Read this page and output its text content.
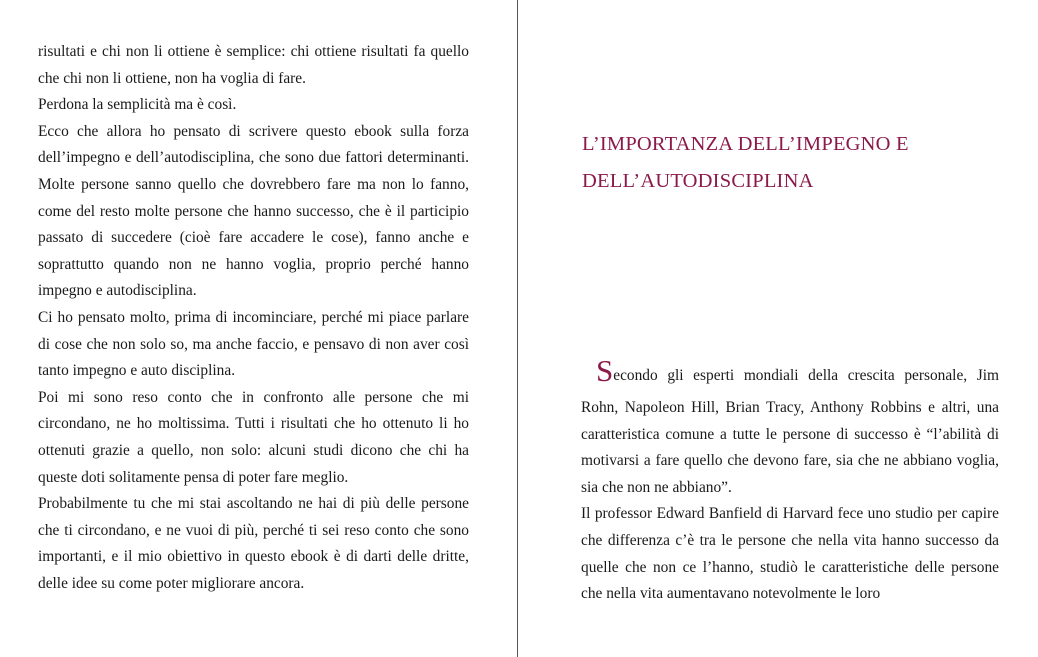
risultati e chi non li ottiene è semplice: chi ottiene risultati fa quello che chi non li ottiene, non ha voglia di fare.

Perdona la semplicità ma è così.

Ecco che allora ho pensato di scrivere questo ebook sulla forza dell’impegno e dell’autodisciplina, che sono due fattori determinanti. Molte persone sanno quello che dovrebbero fare ma non lo fanno, come del resto molte persone che hanno successo, che è il participio passato di succedere (cioè fare accadere le cose), fanno anche e soprattutto quando non ne hanno voglia, proprio perché hanno impegno e autodisciplina.

Ci ho pensato molto, prima di incominciare, perché mi piace parlare di cose che non solo so, ma anche faccio, e pensavo di non aver così tanto impegno e auto disciplina.

Poi mi sono reso conto che in confronto alle persone che mi circondano, ne ho moltissima. Tutti i risultati che ho ottenuto li ho ottenuti grazie a quello, non solo: alcuni studi dicono che chi ha queste doti solitamente pensa di poter fare meglio.

Probabilmente tu che mi stai ascoltando ne hai di più delle persone che ti circondano, e ne vuoi di più, perché ti sei reso conto che sono importanti, e il mio obiettivo in questo ebook è di darti delle dritte, delle idee su come poter migliorare ancora.

L’IMPORTANZA DELL’IMPEGNO E
DELL’AUTODISCIPLINA

Secondo gli esperti mondiali della crescita personale, Jim

Rohn, Napoleon Hill, Brian Tracy, Anthony Robbins e altri, una caratteristica comune a tutte le persone di successo è “l’abilità di motivarsi a fare quello che devono fare, sia che ne abbiano voglia, sia che non ne abbiano”.

Il professor Edward Banfield di Harvard fece uno studio per capire che differenza c’è tra le persone che nella vita hanno successo da quelle che non ce l’hanno, studiò le caratteristiche delle persone che nella vita aumentavano notevolmente le loro
